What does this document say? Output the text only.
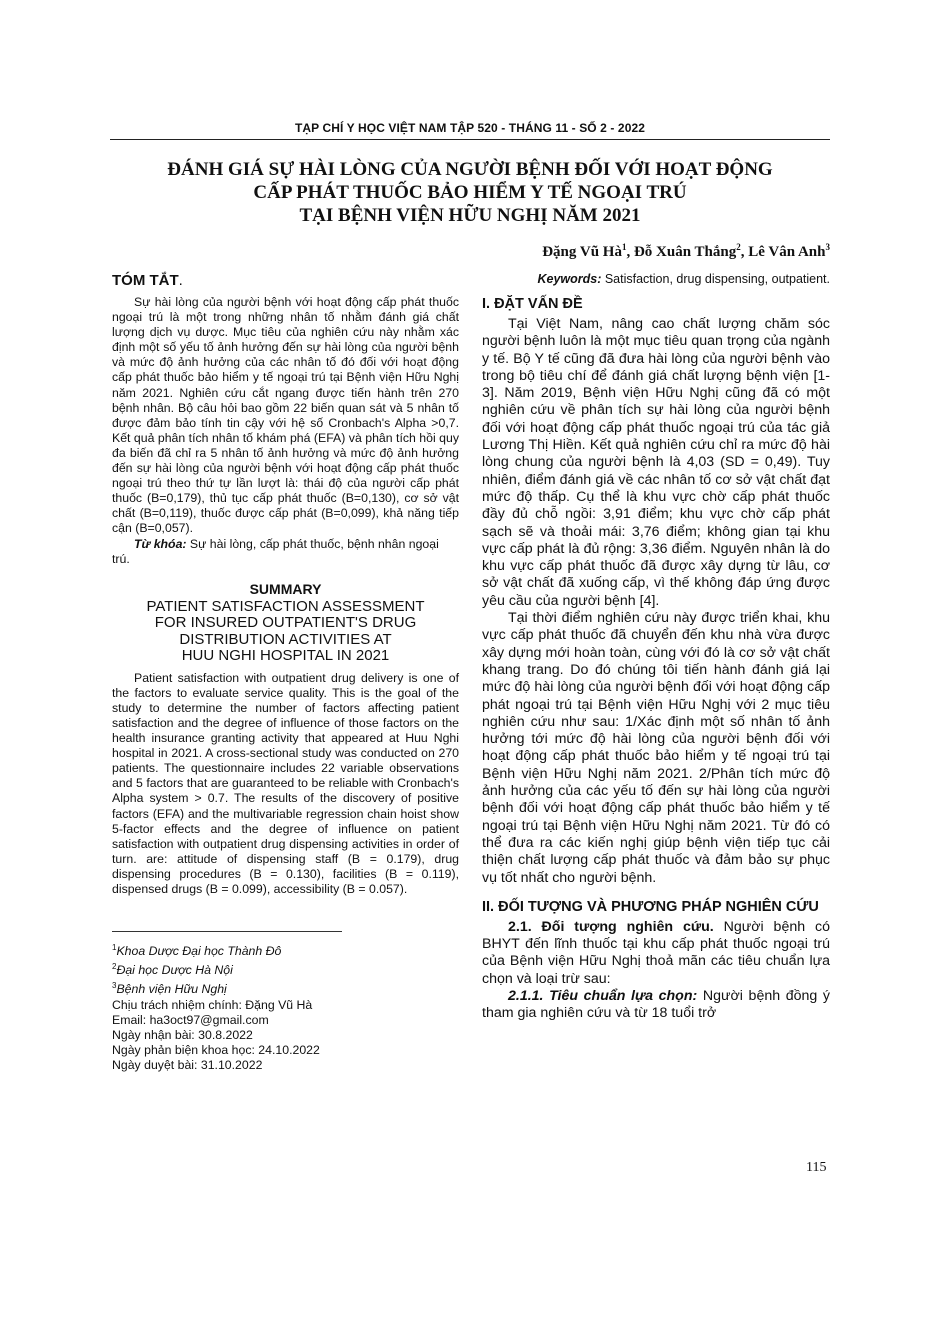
TẠP CHÍ Y HỌC VIỆT NAM TẬP 520 - THÁNG 11 - SỐ 2 - 2022
ĐÁNH GIÁ SỰ HÀI LÒNG CỦA NGƯỜI BỆNH ĐỐI VỚI HOẠT ĐỘNG
CẤP PHÁT THUỐC BẢO HIỂM Y TẾ NGOẠI TRÚ
TẠI BỆNH VIỆN HỮU NGHỊ NĂM 2021
Đặng Vũ $Hà^1$, Đỗ Xuân Thắng$^2$, Lê Vân Anh$^3$
TÓM TẮT.

Sự hài lòng của người bệnh với hoạt động cấp phát thuốc ngoại trú là một trong những nhân tố nhằm đánh giá chất lượng dịch vụ dược. Mục tiêu của nghiên cứu này nhằm xác định một số yếu tố ảnh hưởng đến sự hài lòng của người bệnh và mức độ ảnh hưởng của các nhân tố đó đối với hoạt động cấp phát thuốc bảo hiểm y tế ngoại trú tại Bệnh viện Hữu Nghị năm 2021. Nghiên cứu cắt ngang được tiến hành trên 270 bệnh nhân. Bộ câu hỏi bao gồm 22 biến quan sát và 5 nhân tố được đảm bảo tính tin cậy với hệ số Cronbach's Alpha >0,7. Kết quả phân tích nhân tố khám phá (EFA) và phân tích hồi quy đa biến đã chỉ ra 5 nhân tố ảnh hưởng và mức độ ảnh hưởng đến sự hài lòng của người bệnh với hoạt động cấp phát thuốc ngoại trú theo thứ tự lần lượt là: thái độ của người cấp phát thuốc (B=0,179), thủ tục cấp phát thuốc (B=0,130), cơ sở vật chất (B=0,119), thuốc được cấp phát (B=0,099), khả năng tiếp cận (B=0,057).

Từ khóa: Sự hài lòng, cấp phát thuốc, bệnh nhân ngoại trú.

SUMMARY
PATIENT SATISFACTION ASSESSMENT
FOR INSURED OUTPATIENT'S DRUG
DISTRIBUTION ACTIVITIES AT
HUU NGHI HOSPITAL IN 2021

Patient satisfaction with outpatient drug delivery is one of the factors to evaluate service quality. This is the goal of the study to determine the number of factors affecting patient satisfaction and the degree of influence of those factors on the health insurance granting activity that appeared at Huu Nghi hospital in 2021. A cross-sectional study was conducted on 270 patients. The questionnaire includes 22 variable observations and 5 factors that are guaranteed to be reliable with Cronbach's Alpha system > 0.7. The results of the discovery of positive factors (EFA) and the multivariable regression chain hoist show 5-factor effects and the degree of influence on patient satisfaction with outpatient drug dispensing activities in order of turn. are: attitude of dispensing staff (B = 0.179), drug dispensing procedures (B = 0.130), facilities (B = 0.119), dispensed drugs (B = 0.099), accessibility (B = 0.057).

$^1$Khoa Dược Đại học Thành Đô

$^2$Đại học Dược Hà Nội

$^3$Bệnh viện Hữu Nghị

Chịu trách nhiệm chính: Đặng Vũ Hà

Email: ha3oct97@gmail.com

Ngày nhận bài: 30.8.2022

Ngày phản biện khoa học: 24.10.2022

Ngày duyệt bài: 31.10.2022

Keywords: Satisfaction, drug dispensing, outpatient.
I. ĐẶT VẤN ĐỀ

Tại Việt Nam, nâng cao chất lượng chăm sóc người bệnh luôn là một mục tiêu quan trọng của ngành y tế. Bộ Y tế cũng đã đưa hài lòng của người bệnh vào trong bộ tiêu chí để đánh giá chất lượng bệnh viện [1-3]. Năm 2019, Bệnh viện Hữu Nghị cũng đã có một nghiên cứu về phân tích sự hài lòng của người bệnh đối với hoạt động cấp phát thuốc ngoại trú của tác giả Lương Thị Hiền. Kết quả nghiên cứu chỉ ra mức độ hài lòng chung của người bệnh là 4,03 (SD = 0,49). Tuy nhiên, điểm đánh giá về các nhân tố cơ sở vật chất đạt mức độ thấp. Cụ thể là khu vực chờ cấp phát thuốc đầy đủ chỗ ngồi: 3,91 điểm; khu vực chờ cấp phát sạch sẽ và thoải mái: 3,76 điểm; không gian tại khu vực cấp phát là đủ rộng: 3,36 điểm. Nguyên nhân là do khu vực cấp phát thuốc đã được xây dựng từ lâu, cơ sở vật chất đã xuống cấp, vì thế không đáp ứng được yêu cầu của người bệnh [4].

Tại thời điểm nghiên cứu này được triển khai, khu vực cấp phát thuốc đã chuyển đến khu nhà vừa được xây dựng mới hoàn toàn, cùng với đó là cơ sở vật chất khang trang. Do đó chúng tôi tiến hành đánh giá lại mức độ hài lòng của người bệnh đối với hoạt động cấp phát ngoại trú tại Bệnh viện Hữu Nghị với 2 mục tiêu nghiên cứu như sau: 1/Xác định một số nhân tố ảnh hưởng tới mức độ hài lòng của người bệnh đối với hoạt động cấp phát thuốc bảo hiểm y tế ngoại trú tại Bệnh viện Hữu Nghị năm 2021. 2/Phân tích mức độ ảnh hưởng của các yếu tố đến sự hài lòng của người bệnh đối với hoạt động cấp phát thuốc bảo hiểm y tế ngoại trú tại Bệnh viện Hữu Nghị năm 2021. Từ đó có thể đưa ra các kiến nghị giúp bệnh viện tiếp tục cải thiện chất lượng cấp phát thuốc và đảm bảo sự phục vụ tốt nhất cho người bệnh.

II. ĐỐI TƯỢNG VÀ PHƯƠNG PHÁP NGHIÊN CỨU

2.1. Đối tượng nghiên cứu. Người bệnh có BHYT đến lĩnh thuốc tại khu cấp phát thuốc ngoại trú của Bệnh viện Hữu Nghị thoả mãn các tiêu chuẩn lựa chọn và loại trừ sau:

2.1.1. Tiêu chuẩn lựa chọn: Người bệnh đồng ý tham gia nghiên cứu và từ 18 tuổi trở

115
